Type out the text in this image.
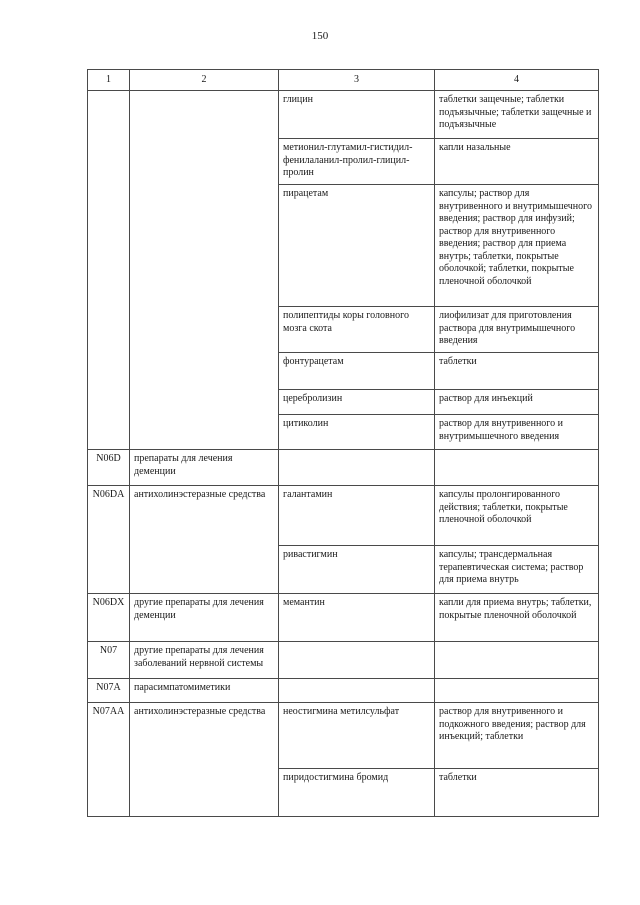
150
1	2	3	4
		глицин	таблетки защечные; таблетки подъязычные; таблетки защечные и подъязычные
		метионил-глутамил-гистидил-фенилаланил-пролил-глицил-пролин	капли назальные
		пирацетам	капсулы; раствор для внутривенного и внутримышечного введения; раствор для инфузий; раствор для внутривенного введения; раствор для приема внутрь; таблетки, покрытые оболочкой; таблетки, покрытые пленочной оболочкой
		полипептиды коры головного мозга скота	лиофилизат для приготовления раствора для внутримышечного введения
		фонтурацетам	таблетки
		церебролизин	раствор для инъекций
		цитиколин	раствор для внутривенного и внутримышечного введения
N06D	препараты для лечения деменции		
N06DA	антихолинэстеразные средства	галантамин	капсулы пролонгированного действия; таблетки, покрытые пленочной оболочкой
		ривастигмин	капсулы; трансдермальная терапевтическая система; раствор для приема внутрь
N06DX	другие препараты для лечения деменции	мемантин	капли для приема внутрь; таблетки, покрытые пленочной оболочкой
N07	другие препараты для лечения заболеваний нервной системы		
N07A	парасимпатомиметики		
N07AA	антихолинэстеразные средства	неостигмина метилсульфат	раствор для внутривенного и подкожного введения; раствор для инъекций; таблетки
		пиридостигмина бромид	таблетки
